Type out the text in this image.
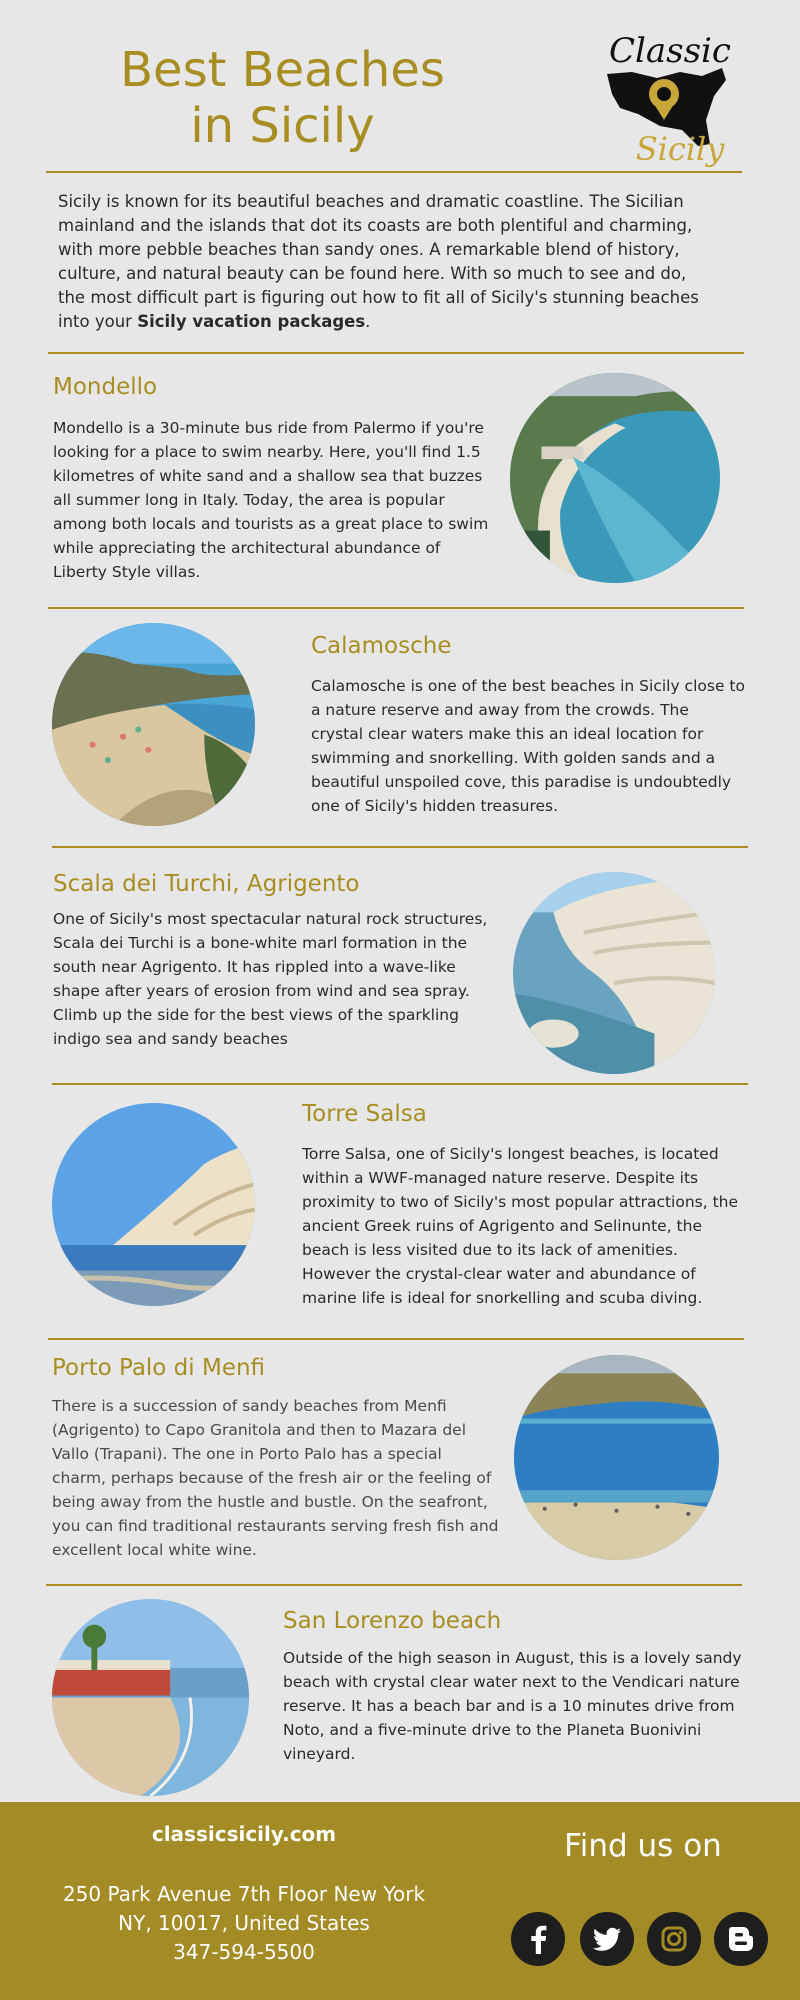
Best Beaches
in Sicily
Classic
Sicily
Sicily is known for its beautiful beaches and dramatic coastline. The Sicilian mainland and the islands that dot its coasts are both plentiful and charming, with more pebble beaches than sandy ones. A remarkable blend of history, culture, and natural beauty can be found here. With so much to see and do, the most difficult part is figuring out how to fit all of Sicily's stunning beaches into your Sicily vacation packages.
Mondello
Mondello is a 30-minute bus ride from Palermo if you're looking for a place to swim nearby. Here, you'll find 1.5 kilometres of white sand and a shallow sea that buzzes all summer long in Italy. Today, the area is popular among both locals and tourists as a great place to swim while appreciating the architectural abundance of Liberty Style villas.
Calamosche
Calamosche is one of the best beaches in Sicily close to a nature reserve and away from the crowds. The crystal clear waters make this an ideal location for swimming and snorkelling. With golden sands and a beautiful unspoiled cove, this paradise is undoubtedly one of Sicily's hidden treasures.
Scala dei Turchi, Agrigento
One of Sicily's most spectacular natural rock structures, Scala dei Turchi is a bone-white marl formation in the south near Agrigento. It has rippled into a wave-like shape after years of erosion from wind and sea spray. Climb up the side for the best views of the sparkling indigo sea and sandy beaches
Torre Salsa
Torre Salsa, one of Sicily's longest beaches, is located within a WWF-managed nature reserve. Despite its proximity to two of Sicily's most popular attractions, the ancient Greek ruins of Agrigento and Selinunte, the beach is less visited due to its lack of amenities. However the crystal-clear water and abundance of marine life is ideal for snorkelling and scuba diving.
Porto Palo di Menfi
There is a succession of sandy beaches from Menfi (Agrigento) to Capo Granitola and then to Mazara del Vallo (Trapani). The one in Porto Palo has a special charm, perhaps because of the fresh air or the feeling of being away from the hustle and bustle. On the seafront, you can find traditional restaurants serving fresh fish and excellent local white wine.
San Lorenzo beach
Outside of the high season in August, this is a lovely sandy beach with crystal clear water next to the Vendicari nature reserve. It has a beach bar and is a 10 minutes drive from Noto, and a five-minute drive to the Planeta Buonivini vineyard.
classicsicily.com
250 Park Avenue 7th Floor New York
NY, 10017, United States
347-594-5500
Find us on
